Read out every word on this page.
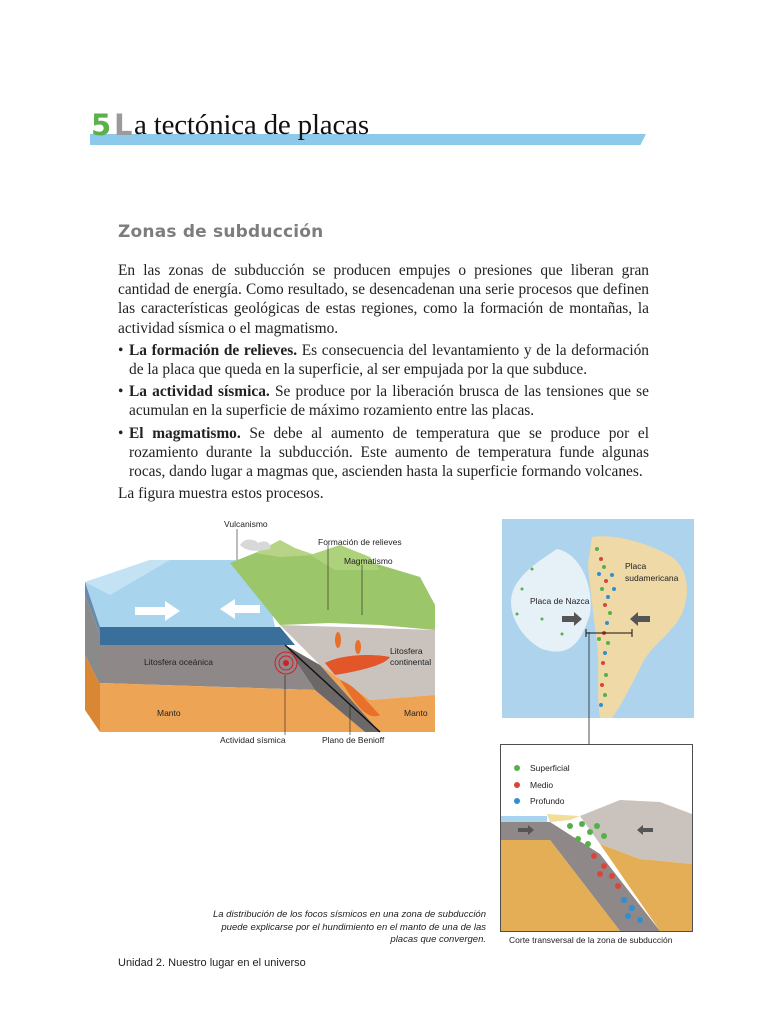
5 L a tectónica de placas
Zonas de subducción

En las zonas de subducción se producen empujes o presiones que liberan gran cantidad de energía. Como resultado, se desencadenan una serie procesos que definen las características geológicas de estas regiones, como la formación de montañas, la actividad sísmica o el magmatismo.

• La formación de relieves. Es consecuencia del levantamiento y de la deformación de la placa que queda en la superficie, al ser empujada por la que subduce.
• La actividad sísmica. Se produce por la liberación brusca de las tensiones que se acumulan en la superficie de máximo rozamiento entre las placas.
• El magmatismo. Se debe al aumento de temperatura que se produce por el rozamiento durante la subducción. Este aumento de temperatura funde algunas rocas, dando lugar a magmas que, ascienden hasta la superficie formando volcanes.

La figura muestra estos procesos.

Vulcanismo
Formación de relieves
Magmatismo
Litosfera oceánica
Litosfera
continental
Manto	Manto
Actividad sísmica	Plano de Benioff
Placa
sudamericana
Placa de Nazca
Superficial
Medio
Profundo
Corte transversal de la zona de subducción
La distribución de los focos sísmicos en una zona de subducción puede explicarse por el hundimiento en el manto de una de las placas que convergen.
Unidad 2. Nuestro lugar en el universo
